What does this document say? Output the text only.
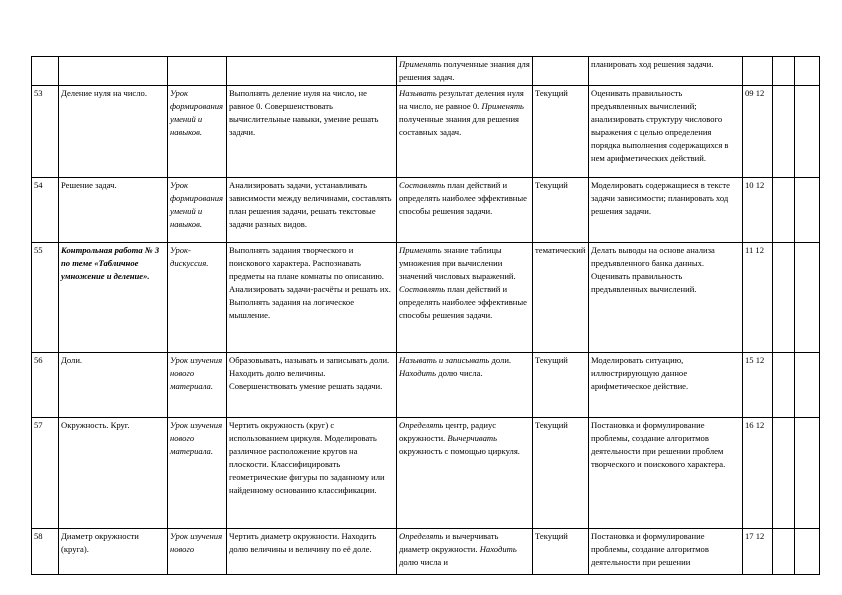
				Применять полученные знания для решения задач.		планировать ход решения задачи.			
53	Деление нуля на число.	Урок формирования умений и навыков.	Выполнять деление нуля на число, не равное 0. Совершенствовать вычислительные навыки, умение решать задачи.	Называть результат деления нуля на число, не равное 0. Применять полученные знания для решения составных задач.	Текущий	Оценивать правильность предъявленных вычислений; анализировать структуру числового выражения с целью определения порядка выполнения содержащихся в нем арифметических действий.	09 12		
54	Решение задач.	Урок формирования умений и навыков.	Анализировать задачи, устанавливать зависимости между величинами, составлять план решения задачи, решать текстовые задачи разных видов.	Составлять план действий и определять наиболее эффективные способы решения задачи.	Текущий	Моделировать содержащиеся в тексте задачи зависимости; планировать ход решения задачи.	10 12		
55	Контрольная работа № 3 по теме «Табличное умножение и деление».	Урок-дискуссия.	Выполнять задания творческого и поискового характера. Распознавать предметы на плане комнаты по описанию. Анализировать задачи-расчёты и решать их. Выполнять задания на логическое мышление.	Применять знание таблицы умножения при вычислении значений числовых выражений. Составлять план действий и определять наиболее эффективные способы решения задачи.	тематический	Делать выводы на основе анализа предъявленного банка данных. Оценивать правильность предъявленных вычислений.	11 12		
56	Доли.	Урок изучения нового материала.	Образовывать, называть и записывать доли. Находить долю величины. Совершенствовать умение решать задачи.	Называть и записывать доли. Находить долю числа.	Текущий	Моделировать ситуацию, иллюстрирующую данное арифметическое действие.	15 12		
57	Окружность. Круг.	Урок изучения нового материала.	Чертить окружность (круг) с использованием циркуля. Моделировать различное расположение кругов на плоскости. Классифицировать геометрические фигуры по заданному или найденному основанию классификации.	Определять центр, радиус окружности. Вычерчивать окружность с помощью циркуля.	Текущий	Постановка и формулирование проблемы, создание алгоритмов деятельности при решении проблем творческого и поискового характера.	16 12		
58	Диаметр окружности (круга).	Урок изучения нового	Чертить диаметр окружности. Находить долю величины и величину по её доле.	Определять и вычерчивать диаметр окружности. Находить долю числа и	Текущий	Постановка и формулирование проблемы, создание алгоритмов деятельности при решении	17 12		
